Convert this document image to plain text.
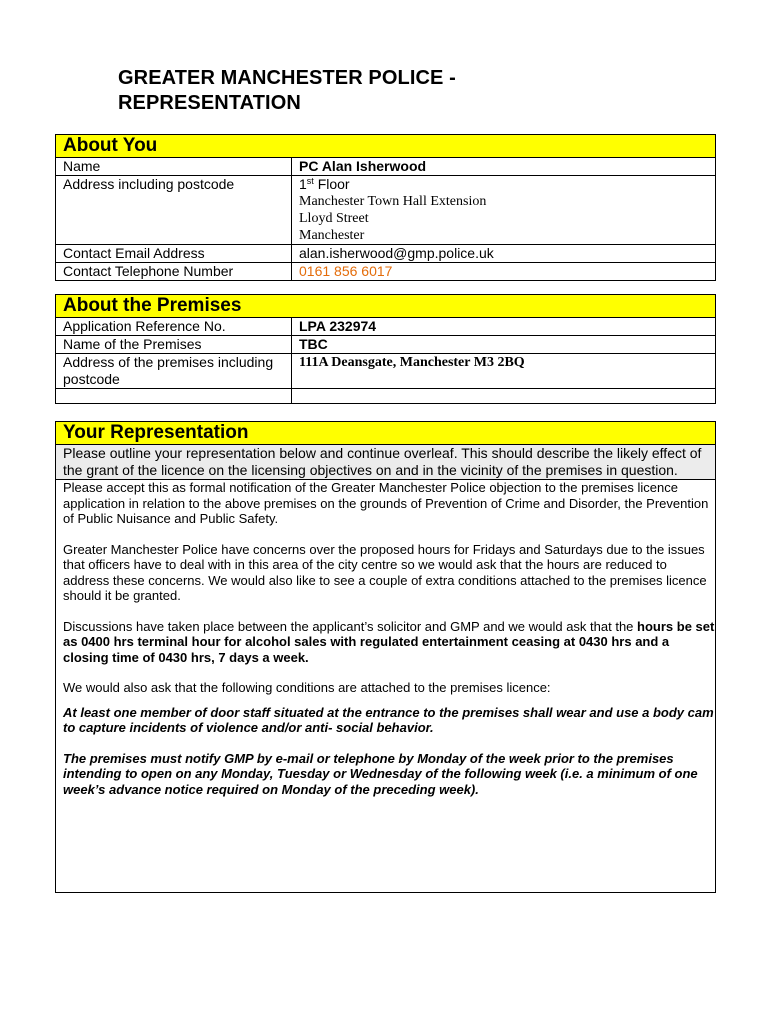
GREATER MANCHESTER POLICE -
REPRESENTATION
About You	
Name	PC Alan Isherwood
Address including postcode	1st Floor
Manchester Town Hall Extension
Lloyd Street
Manchester

Contact Email Address	alan.isherwood@gmp.police.uk
Contact Telephone Number	0161 856 6017
About the Premises	
Application Reference No.	LPA 232974
Name of the Premises	TBC
Address of the premises including postcode	111A Deansgate, Manchester M3 2BQ

Your Representation
Please outline your representation below and continue overleaf. This should describe the likely effect of the grant of the licence on the licensing objectives on and in the vicinity of the premises in question.

Please accept this as formal notification of the Greater Manchester Police objection to the premises licence application in relation to the above premises on the grounds of Prevention of Crime and Disorder, the Prevention of Public Nuisance and Public Safety.

Greater Manchester Police have concerns over the proposed hours for Fridays and Saturdays due to the issues that officers have to deal with in this area of the city centre so we would ask that the hours are reduced to address these concerns. We would also like to see a couple of extra conditions attached to the premises licence should it be granted.

Discussions have taken place between the applicant’s solicitor and GMP and we would ask that the hours be set as 0400 hrs terminal hour for alcohol sales with regulated entertainment ceasing at 0430 hrs and a closing time of 0430 hrs, 7 days a week.

We would also ask that the following conditions are attached to the premises licence:

At least one member of door staff situated at the entrance to the premises shall wear and use a body cam to capture incidents of violence and/or anti- social behavior.

The premises must notify GMP by e-mail or telephone by Monday of the week prior to the premises intending to open on any Monday, Tuesday or Wednesday of the following week (i.e. a minimum of one week’s advance notice required on Monday of the preceding week).
